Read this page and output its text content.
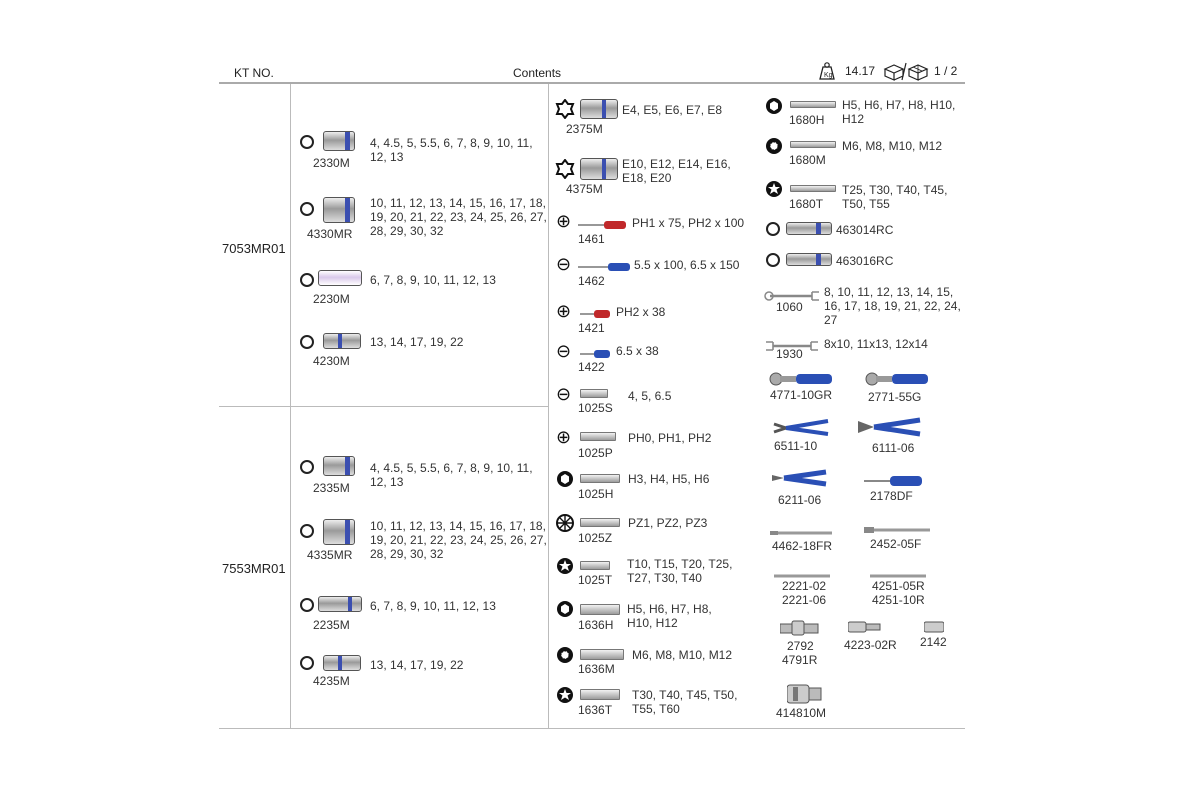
KT NO.	Contents	Kg 14.17	1 / 2
7053MR01
7553MR01
2330M
4, 4.5, 5, 5.5, 6, 7, 8, 9, 10, 11, 12, 13
4330MR
10, 11, 12, 13, 14, 15, 16, 17, 18, 19, 20, 21, 22, 23, 24, 25, 26, 27, 28, 29, 30, 32
2230M
6, 7, 8, 9, 10, 11, 12, 13
4230M
13, 14, 17, 19, 22
2335M
4, 4.5, 5, 5.5, 6, 7, 8, 9, 10, 11, 12, 13
4335MR
10, 11, 12, 13, 14, 15, 16, 17, 18, 19, 20, 21, 22, 23, 24, 25, 26, 27, 28, 29, 30, 32
2235M
6, 7, 8, 9, 10, 11, 12, 13
4235M
13, 14, 17, 19, 22
2375M
E4, E5, E6, E7, E8
4375M
E10, E12, E14, E16, E18, E20
⊕
1461
PH1 x 75, PH2 x 100
⊖
1462
5.5 x 100, 6.5 x 150
⊕
1421
PH2 x 38
⊖
1422
6.5 x 38
⊖
1025S
4, 5, 6.5
⊕
1025P
PH0, PH1, PH2
1025H
H3, H4, H5, H6
1025Z
PZ1, PZ2, PZ3
1025T
T10, T15, T20, T25, T27, T30, T40
1636H
H5, H6, H7, H8, H10, H12
1636M
M6, M8, M10, M12
1636T
T30, T40, T45, T50, T55, T60
1680H
H5, H6, H7, H8, H10, H12
1680M
M6, M8, M10, M12
1680T
T25, T30, T40, T45, T50, T55
463014RC
463016RC
1060
8, 10, 11, 12, 13, 14, 15, 16, 17, 18, 19, 21, 22, 24, 27
1930
8x10, 11x13, 12x14
4771-10GR	2771-55G
6511-10	6111-06
6211-06	2178DF
4462-18FR	2452-05F
2221-02
2221-06
4251-05R
4251-10R
2792
4791R
4223-02R 2142
414810M
